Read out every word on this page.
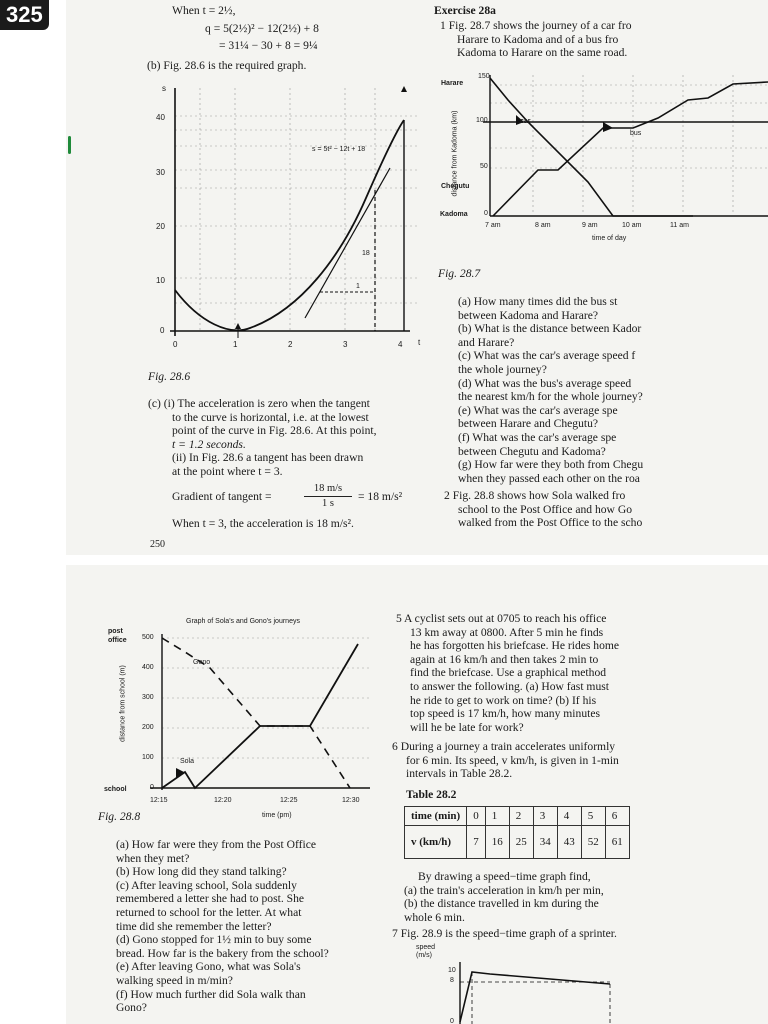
325	When t = 2½,
q = 5(2½)² − 12(2½) + 8
= 31¼ − 30 + 8 = 9¼
(b) Fig. 28.6 is the required graph.
s
40
30
20
10
0
0	1	2	3	4 t
s = 5t² − 12t + 18
18
1
Fig. 28.6
(c) (i) The acceleration is zero when the tangent
to the curve is horizontal, i.e. at the lowest
point of the curve in Fig. 28.6. At this point,
t = 1.2 seconds.
(ii) In Fig. 28.6 a tangent has been drawn
at the point where t = 3.
Gradient of tangent =	$\frac{18 m/s}{1 s} = 18$ m/s²
When t = 3, the acceleration is 18 m/s².
250
Exercise 28a
1 Fig. 28.7 shows the journey of a car fro
Harare to Kadoma and of a bus fro
Kadoma to Harare on the same road.
Harare
Chegutu
Kadoma
150
100
50
0
distance from Kadoma (km)	car
bus
7 am	8 am	9 am	10 am	11 am
time of day
Fig. 28.7
(a) How many times did the bus st
between Kadoma and Harare?
(b) What is the distance between Kador
and Harare?
(c) What was the car's average speed f
the whole journey?
(d) What was the bus's average speed
the nearest km/h for the whole journey?
(e) What was the car's average spe
between Harare and Chegutu?
(f) What was the car's average spe
between Chegutu and Kadoma?
(g) How far were they both from Chegu
when they passed each other on the roa
2 Fig. 28.8 shows how Sola walked fro
school to the Post Office and how Go
walked from the Post Office to the scho
Graph of Sola's and Gono's journeys
post office
school
Gono
Sola
500
400
300
200
100
0
distance from school (m)
12:15	12:20	12:25	12:30
time (pm)
Fig. 28.8
(a) How far were they from the Post Office
when they met?
(b) How long did they stand talking?
(c) After leaving school, Sola suddenly
remembered a letter she had to post. She
returned to school for the letter. At what
time did she remember the letter?
(d) Gono stopped for 1½ min to buy some
bread. How far is the bakery from the school?
(e) After leaving Gono, what was Sola's
walking speed in m/min?
(f) How much further did Sola walk than
Gono?
5 A cyclist sets out at 0705 to reach his office
13 km away at 0800. After 5 min he finds
he has forgotten his briefcase. He rides home
again at 16 km/h and then takes 2 min to
find the briefcase. Use a graphical method
to answer the following. (a) How fast must
he ride to get to work on time? (b) If his
top speed is 17 km/h, how many minutes
will he be late for work?
6 During a journey a train accelerates uniformly
for 6 min. Its speed, v km/h, is given in 1-min
intervals in Table 28.2.
Table 28.2
time (min)	0	1	2	3	4	5	6
v (km/h)	7	16	25	34	43	52	61
By drawing a speed−time graph find,
(a) the train's acceleration in km/h per min,
(b) the distance travelled in km during the
whole 6 min.
7 Fig. 28.9 is the speed−time graph of a sprinter.
speed (m/s)
10
8
0
